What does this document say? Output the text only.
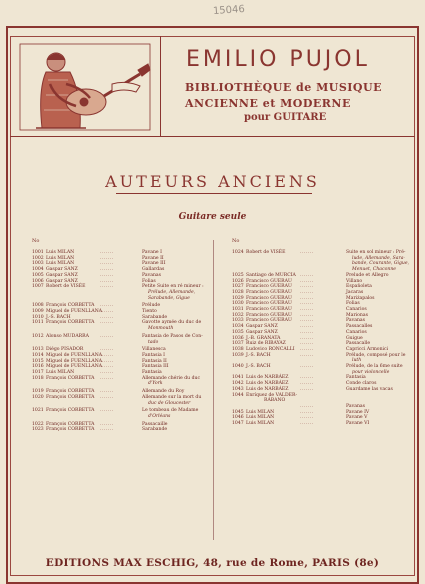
15046
EMILIO PUJOL
BIBLIOTHÈQUE de MUSIQUE
ANCIENNE et MODERNE
pour GUITARE
AUTEURS ANCIENS
Guitare seule
No	No
1001 Luis MILAN	.......	Pavane I
1002 Luis MILAN	.......	Pavane II
1003 Luis MILAN	.......	Pavane III
1004 Gaspar SANZ	.......	Gallardas
1005 Gaspar SANZ	.......	Pavanas
1006 Gaspar SANZ	.......	Folias
1007 Robert de VISÉE	.......	Petite Suite en ré mineur :
Prélude, Allemande,
Sarabande, Gigue
1008 François CORBETTA .......	Prélude
1009 Miguel de FUENLLANA
.......	Tiento
1010 J.-S. BACH	.......	Sarabande
1011 François CORBETTA .......	Gavotte aymée du duc de
Monmouth
1012 Alonso MUDARRA .......	Fantasia de Pasos de Con-
tado
1013 Diégo PISADOR	.......	Villanesca
1014 Miguel de FUENLLANA
.......	Fantasia I
1015 Miguel de FUENLLANA
.......	Fantasia II
1016 Miguel de FUENLLANA
.......	Fantasia III
1017 Luis MILAN	.......	Fantasia
1018 François CORBETTA .......	Allemande chérie du duc
d'York
1019 François CORBETTA .......	Allemande du Roy
1020 François CORBETTA .......	Allemande sur la mort du
duc de Gloucester
1021 François CORBETTA .......	Le tombeau de Madame
d'Orléans
1022 François CORBETTA .......	Passacaille
1023 François CORBETTA .......	Sarabande
1024 Robert de VISÉE	.......	Suite en sol mineur : Pré-
lude, Allemande, Sara-
bande, Courante, Gigue,
Menuet, Chaconne
1025 Santiago de MURCIA .......	Prelude et Allegro
1026 Francisco GUERAU .......	Villano
1027 Francisco GUERAU .......	Españoleta
1028 Francisco GUERAU .......	Jacaras
1029 Francisco GUERAU .......	Mariżapalos
1030 Francisco GUERAU .......	Folias
1031 Francisco GUERAU .......	Canarios
1032 Francisco GUERAU .......	Marionas
1033 Francisco GUERAU .......	Pavanas
1034 Gaspar SANZ	.......	Passacalles
1035 Gaspar SANZ	.......	Canarios
1036 J.-B. GRANATA	.......	Guigue
1037 Ruiz de RIBAYAZ	.......	Passacalle
1038 Ludovico RONCALLI .......	Capricci Armonici
1039 J.-S. BACH	.......	Prélude, composé pour le
luth
1040 J.-S. BACH	.......	Prélude, de la 6me suite
pour violoncelle
1041 Luis de NARBÁEZ	.......	Fantasia
1042 Luis de NARBÁEZ	.......	Conde claros
1043 Luis de NARBÁEZ	.......	Guardame las vacas
1044 Enríquez de VALDER-
RÁBANO
.......	Pavanas
1045 Luis MILAN	.......	Pavane IV
1046 Luis MILAN	.......	Pavane V
1047 Luis MILAN	.......	Pavane VI
EDITIONS MAX ESCHIG, 48, rue de Rome, PARIS (8e)
